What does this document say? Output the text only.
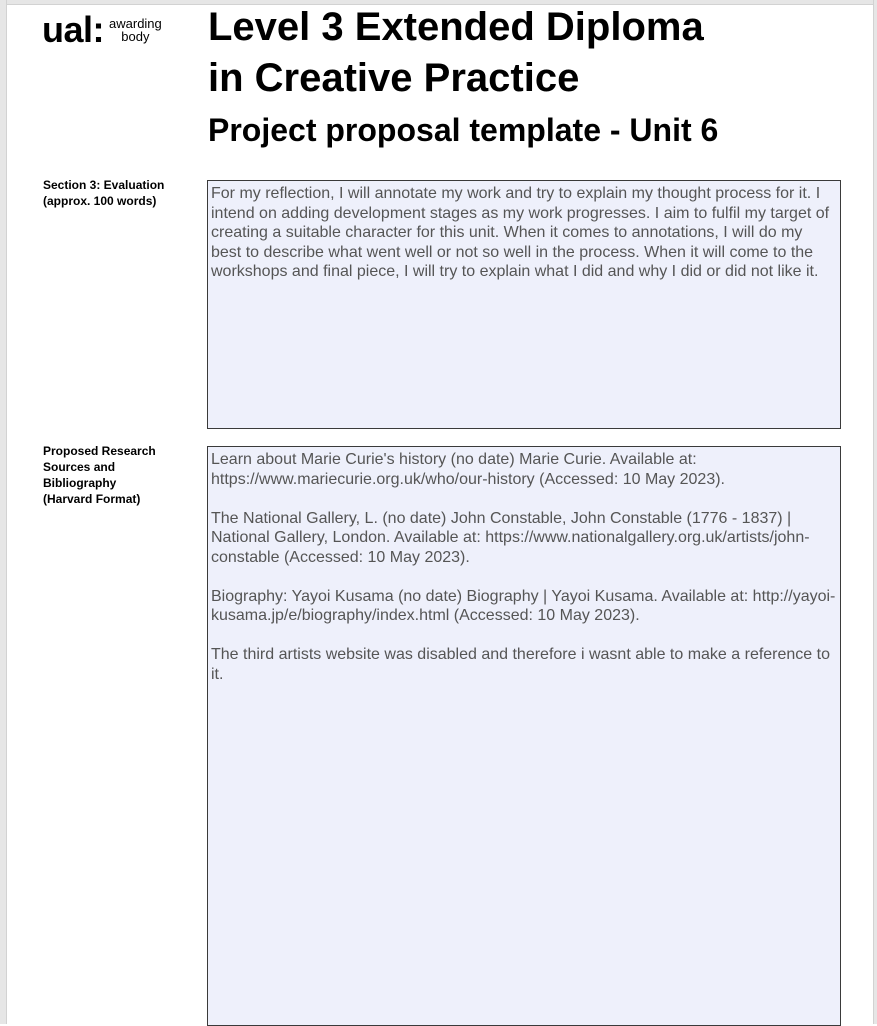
ual: awarding
body	Level 3 Extended Diploma
in Creative Practice
Project proposal template - Unit 6
Section 3: Evaluation
(approx. 100 words)	For my reflection, I will annotate my work and try to explain my thought process for it. I intend on adding development stages as my work progresses. I aim to fulfil my target of creating a suitable character for this unit. When it comes to annotations, I will do my best to describe what went well or not so well in the process. When it will come to the workshops and final piece, I will try to explain what I did and why I did or did not like it.

Proposed Research
Sources and
Bibliography
(Harvard Format)

Learn about Marie Curie's history (no date) Marie Curie. Available at: https://www.mariecurie.org.uk/who/our-history (Accessed: 10 May 2023).

The National Gallery, L. (no date) John Constable, John Constable (1776 - 1837) | National Gallery, London. Available at: https://www.nationalgallery.org.uk/artists/john-constable (Accessed: 10 May 2023).

Biography: Yayoi Kusama (no date) Biography | Yayoi Kusama. Available at: http://yayoi-kusama.jp/e/biography/index.html (Accessed: 10 May 2023).

The third artists website was disabled and therefore i wasnt able to make a reference to it.
